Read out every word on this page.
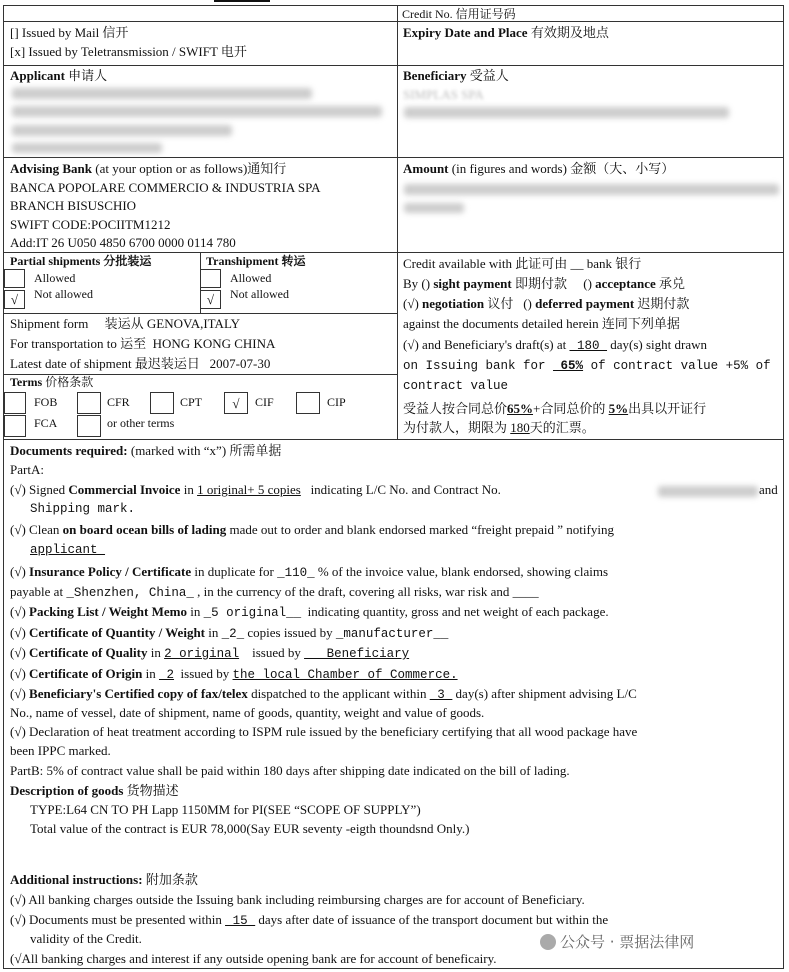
Credit No. 信用证号码
[] Issued by Mail 信开
[x] Issued by Teletransmission / SWIFT 电开
Expiry Date and Place 有效期及地点
Applicant 申请人	Beneficiary 受益人
SIMPLAS SPA
Advising Bank (at your option or as follows)通知行
BANCA POPOLARE COMMERCIO & INDUSTRIA SPA
BRANCH BISUSCHIO
SWIFT CODE:POCIITM1212
Add:IT 26 U050 4850 6700 0000 0114 780
Amount (in figures and words) 金额（大、小写）
Partial shipments 分批装运
Allowed
√	Not allowed
Transhipment 转运
Allowed
√	Not allowed
Shipment form 装运从 GENOVA,ITALY
For transportation to 运至 HONG KONG CHINA
Latest date of shipment 最迟装运日 2007-07-30
Terms 价格条款
FOB	CFR	CPT	√	CIF	CIP
FCA	or other terms
Credit available with 此证可由 __ bank 银行
By () sight payment 即期付款 () acceptance 承兑
(√) negotiation 议付 () deferred payment 迟期付款
against the documents detailed herein 连同下列单据
(√) and Beneficiary's draft(s) at _180_ day(s) sight drawn
on Issuing bank for _65% of contract value +5% of
contract value
受益人按合同总价65%+合同总价的 5%出具以开证行
为付款人，期限为 180天的汇票。
Documents required: (marked with “x”) 所需单据
PartA:
(√) Signed Commercial Invoice in 1 original+ 5 copies indicating L/C No. and Contract No.	and
Shipping mark.
(√) Clean on board ocean bills of lading made out to order and blank endorsed marked “freight prepaid ” notifying
applicant_
(√) Insurance Policy / Certificate in duplicate for _110_ % of the invoice value, blank endorsed, showing claims
payable at _Shenzhen, China_ , in the currency of the draft, covering all risks, war risk and ____
(√) Packing List / Weight Memo in _5 original__ indicating quantity, gross and net weight of each package.
(√) Certificate of Quantity / Weight in _2_ copies issued by _manufacturer__
(√) Certificate of Quality in 2 original issued by __ Beneficiary
(√) Certificate of Origin in _2 issued by the local Chamber of Commerce.
(√) Beneficiary's Certified copy of fax/telex dispatched to the applicant within _3_ day(s) after shipment advising L/C
No., name of vessel, date of shipment, name of goods, quantity, weight and value of goods.
(√) Declaration of heat treatment according to ISPM rule issued by the beneficiary certifying that all wood package have
been IPPC marked.
PartB: 5% of contract value shall be paid within 180 days after shipping date indicated on the bill of lading.
Description of goods 货物描述
TYPE:L64 CN TO PH Lapp 1150MM for PI(SEE “SCOPE OF SUPPLY”)
Total value of the contract is EUR 78,000(Say EUR seventy -eigth thoundsnd Only.)
Additional instructions: 附加条款
(√) All banking charges outside the Issuing bank including reimbursing charges are for account of Beneficiary.
(√) Documents must be presented within _15_ days after date of issuance of the transport document but within the
validity of the Credit.
(√All banking charges and interest if any outside opening bank are for account of beneficairy.
公众号 · 票据法律网
